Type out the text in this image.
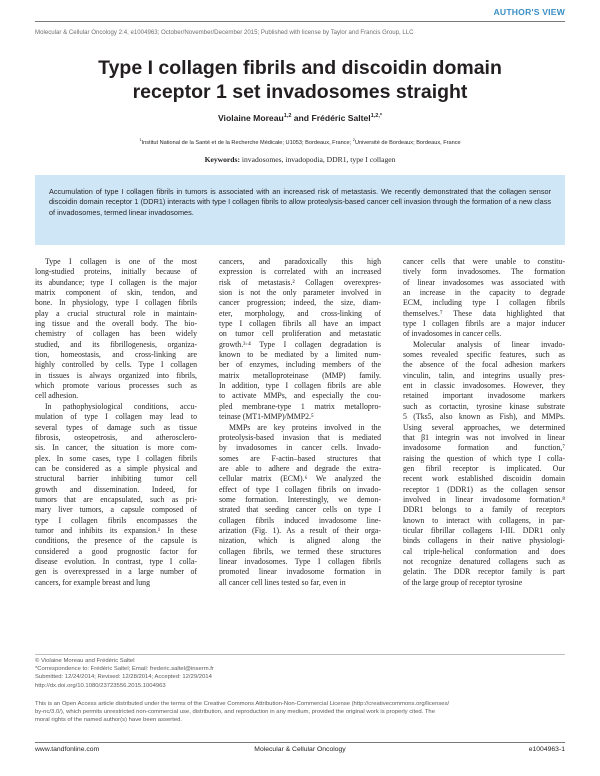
AUTHOR'S VIEW
Molecular & Cellular Oncology 2:4, e1004963; October/November/December 2015; Published with license by Taylor and Francis Group, LLC
Type I collagen fibrils and discoidin domain
receptor 1 set invadosomes straight
Violaine Moreau$^{1,2}$ and Frédéric Saltel$^{1,2,*}$
$^1$Institut National de la Santé et de la Recherche Médicale; U1053; Bordeaux, France; $^2$Université de Bordeaux; Bordeaux, France
Keywords: invadosomes, invadopodia, DDR1, type I collagen

Accumulation of type I collagen fibrils in tumors is associated with an increased risk of metastasis. We recently demonstrated that the collagen sensor discoidin domain receptor 1 (DDR1) interacts with type I collagen fibrils to allow proteolysis-based cancer cell invasion through the formation of a new class of invadosomes, termed linear invadosomes.

Type I collagen is one of the most
long-studied proteins, initially because of
its abundance; type I collagen is the major
matrix component of skin, tendon, and
bone. In physiology, type I collagen fibrils
play a crucial structural role in maintain-
ing tissue and the overall body. The bio-
chemistry of collagen has been widely
studied, and its fibrillogenesis, organiza-
tion, homeostasis, and cross-linking are
highly controlled by cells. Type I collagen
in tissues is always organized into fibrils,
which promote various processes such as
cell adhesion.
In pathophysiological conditions, accu-
mulation of type I collagen may lead to
several types of damage such as tissue
fibrosis, osteopetrosis, and atherosclero-
sis. In cancer, the situation is more com-
plex. In some cases, type I collagen fibrils
can be considered as a simple physical and
structural barrier inhibiting tumor cell
growth and dissemination. Indeed, for
tumors that are encapsulated, such as pri-
mary liver tumors, a capsule composed of
type I collagen fibrils encompasses the
tumor and inhibits its expansion.¹ In these
conditions, the presence of the capsule is
considered a good prognostic factor for
disease evolution. In contrast, type I colla-
gen is overexpressed in a large number of
cancers, for example breast and lung
cancers, and paradoxically this high
expression is correlated with an increased
risk of metastasis.² Collagen overexpres-
sion is not the only parameter involved in
cancer progression; indeed, the size, diam-
eter, morphology, and cross-linking of
type I collagen fibrils all have an impact
on tumor cell proliferation and metastatic
growth.³·⁴ Type I collagen degradation is
known to be mediated by a limited num-
ber of enzymes, including members of the
matrix metalloproteinase (MMP) family.
In addition, type I collagen fibrils are able
to activate MMPs, and especially the cou-
pled membrane-type 1 matrix metallopro-
teinase (MT1-MMP)/MMP2.⁵
MMPs are key proteins involved in the
proteolysis-based invasion that is mediated
by invadosomes in cancer cells. Invado-
somes are F-actin–based structures that
are able to adhere and degrade the extra-
cellular matrix (ECM).⁶ We analyzed the
effect of type I collagen fibrils on invado-
some formation. Interestingly, we demon-
strated that seeding cancer cells on type I
collagen fibrils induced invadosome line-
arization (Fig. 1). As a result of their orga-
nization, which is aligned along the
collagen fibrils, we termed these structures
linear invadosomes. Type I collagen fibrils
promoted linear invadosome formation in
all cancer cell lines tested so far, even in
cancer cells that were unable to constitu-
tively form invadosomes. The formation
of linear invadosomes was associated with
an increase in the capacity to degrade
ECM, including type I collagen fibrils
themselves.⁷ These data highlighted that
type I collagen fibrils are a major inducer
of invadosomes in cancer cells.
Molecular analysis of linear invado-
somes revealed specific features, such as
the absence of the focal adhesion markers
vinculin, talin, and integrins usually pres-
ent in classic invadosomes. However, they
retained important invadosome markers
such as cortactin, tyrosine kinase substrate
5 (Tks5, also known as Fish), and MMPs.
Using several approaches, we determined
that β1 integrin was not involved in linear
invadosome formation and function,⁷
raising the question of which type I colla-
gen fibril receptor is implicated. Our
recent work established discoidin domain
receptor 1 (DDR1) as the collagen sensor
involved in linear invadosome formation.⁸
DDR1 belongs to a family of receptors
known to interact with collagens, in par-
ticular fibrillar collagens I-III. DDR1 only
binds collagens in their native physiologi-
cal triple-helical conformation and does
not recognize denatured collagens such as
gelatin. The DDR receptor family is part
of the large group of receptor tyrosine
© Violaine Moreau and Frédéric Saltel
*Correspondence to: Frédéric Saltel; Email: frederic.saltel@inserm.fr
Submitted: 12/24/2014; Revised: 12/28/2014; Accepted: 12/29/2014
http://dx.doi.org/10.1080/23723556.2015.1004963
This is an Open Access article distributed under the terms of the Creative Commons Attribution-Non-Commercial License (http://creativecommons.org/licenses/
by-nc/3.0/), which permits unrestricted non-commercial use, distribution, and reproduction in any medium, provided the original work is properly cited. The
moral rights of the named author(s) have been asserted.
www.tandfonline.com	Molecular & Cellular Oncology	e1004963-1
